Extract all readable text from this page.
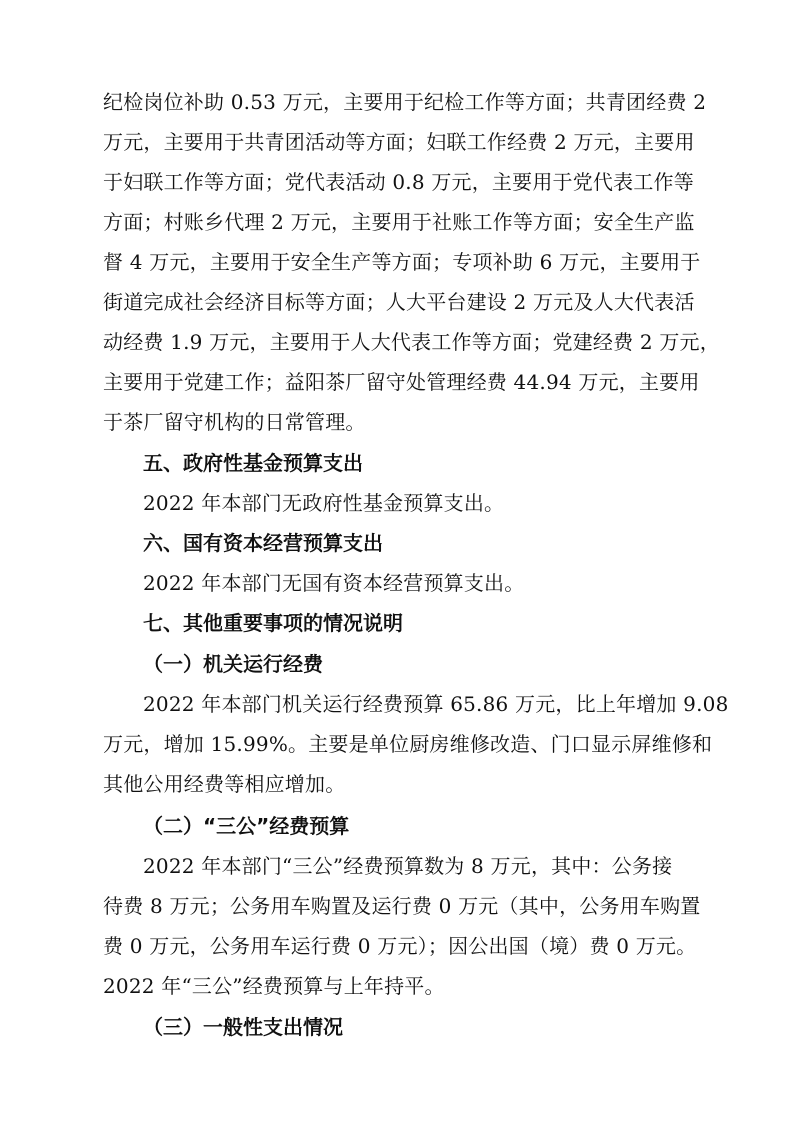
纪检岗位补助 0.53 万元，主要用于纪检工作等方面；共青团经费 2
万元，主要用于共青团活动等方面；妇联工作经费 2 万元，主要用
于妇联工作等方面；党代表活动 0.8 万元，主要用于党代表工作等
方面；村账乡代理 2 万元，主要用于社账工作等方面；安全生产监
督 4 万元，主要用于安全生产等方面；专项补助 6 万元，主要用于
街道完成社会经济目标等方面；人大平台建设 2 万元及人大代表活
动经费 1.9 万元，主要用于人大代表工作等方面；党建经费 2 万元，
主要用于党建工作；益阳茶厂留守处管理经费 44.94 万元，主要用
于茶厂留守机构的日常管理。
五、政府性基金预算支出
2022 年本部门无政府性基金预算支出。
六、国有资本经营预算支出
2022 年本部门无国有资本经营预算支出。
七、其他重要事项的情况说明
（一）机关运行经费
2022 年本部门机关运行经费预算 65.86 万元，比上年增加 9.08
万元，增加 15.99%。主要是单位厨房维修改造、门口显示屏维修和
其他公用经费等相应增加。
（二）“三公”经费预算
2022 年本部门“三公”经费预算数为 8 万元，其中：公务接
待费 8 万元；公务用车购置及运行费 0 万元（其中，公务用车购置
费 0 万元，公务用车运行费 0 万元）；因公出国（境）费 0 万元。
2022 年“三公”经费预算与上年持平。
（三）一般性支出情况
